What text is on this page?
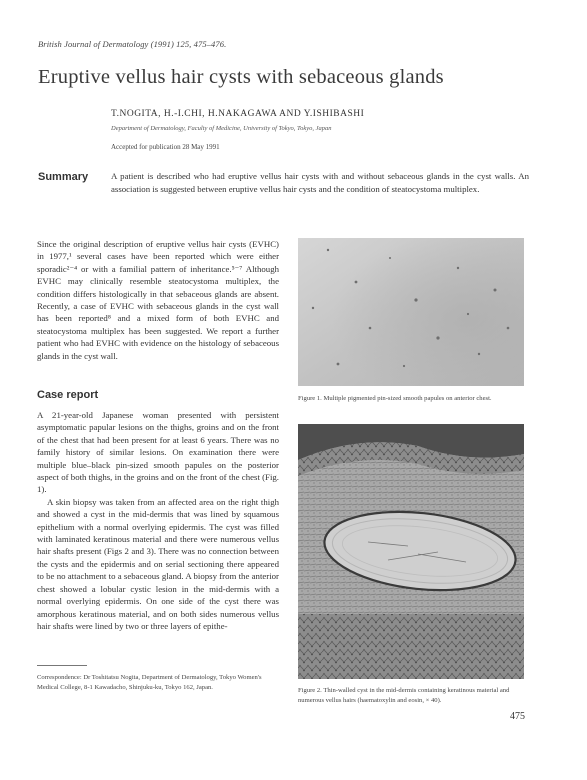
British Journal of Dermatology (1991) 125, 475–476.
Eruptive vellus hair cysts with sebaceous glands
T.NOGITA, H.-I.CHI, H.NAKAGAWA AND Y.ISHIBASHI
Department of Dermatology, Faculty of Medicine, University of Tokyo, Tokyo, Japan
Accepted for publication 28 May 1991
Summary	A patient is described who had eruptive vellus hair cysts with and without sebaceous glands in the cyst walls. An association is suggested between eruptive vellus hair cysts and the condition of steatocystoma multiplex.

Since the original description of eruptive vellus hair cysts (EVHC) in 1977,¹ several cases have been reported which were either sporadic²⁻⁴ or with a familial pattern of inheritance.⁵⁻⁷ Although EVHC may clinically resemble steatocystoma multiplex, the condition differs histologically in that sebaceous glands are absent. Recently, a case of EVHC with sebaceous glands in the cyst wall has been reported⁸ and a mixed form of both EVHC and steatocystoma multiplex has been suggested. We report a further patient who had EVHC with evidence on the histology of sebaceous glands in the cyst wall.

Case report

A 21-year-old Japanese woman presented with persistent asymptomatic papular lesions on the thighs, groins and on the front of the chest that had been present for at least 6 years. There was no family history of similar lesions. On examination there were multiple blue–black pin-sized smooth papules on the posterior aspect of both thighs, in the groins and on the front of the chest (Fig. 1).

A skin biopsy was taken from an affected area on the right thigh and showed a cyst in the mid-dermis that was lined by squamous epithelium with a normal overlying epidermis. The cyst was filled with laminated keratinous material and there were numerous vellus hair shafts present (Figs 2 and 3). There was no connection between the cysts and the epidermis and on serial sectioning there appeared to be no attachment to a sebaceous gland. A biopsy from the anterior chest showed a lobular cystic lesion in the mid-dermis with a normal overlying epidermis. On one side of the cyst there was amorphous keratinous material, and on both sides numerous vellus hair shafts were lined by two or three layers of epithe-

Correspondence: Dr Toshitatsu Nogita, Department of Dermatology, Tokyo Women's Medical College, 8-1 Kawadacho, Shinjuku-ku, Tokyo 162, Japan.
Figure 1. Multiple pigmented pin-sized smooth papules on anterior chest.
Figure 2. Thin-walled cyst in the mid-dermis containing keratinous material and numerous vellus hairs (haematoxylin and eosin, × 40).
475
